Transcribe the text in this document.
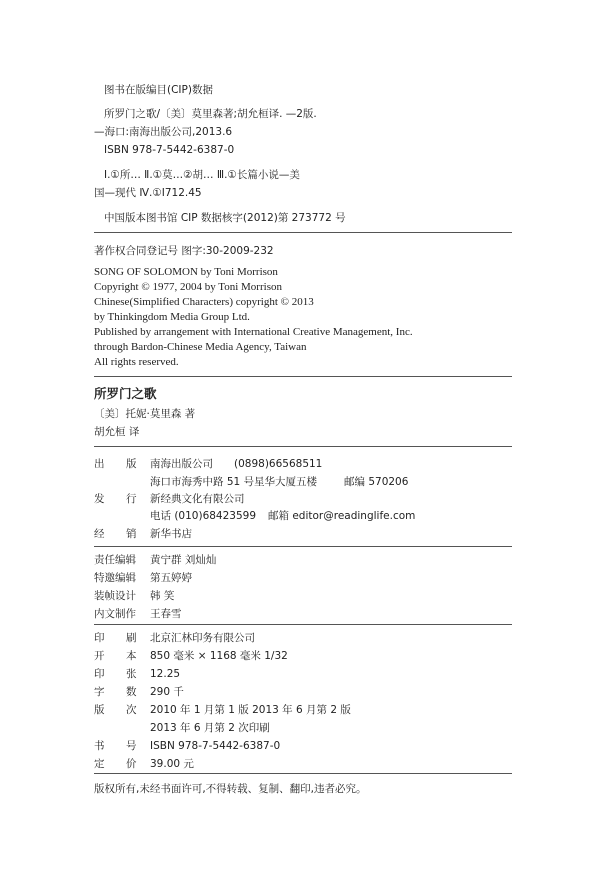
图书在版编目(CIP)数据
所罗门之歌/〔美〕莫里森著;胡允桓译. —2版.
—海口:南海出版公司,2013.6
ISBN 978-7-5442-6387-0
Ⅰ.①所… Ⅱ.①莫…②胡… Ⅲ.①长篇小说—美
国—现代 Ⅳ.①I712.45
中国版本图书馆 CIP 数据核字(2012)第 273772 号
著作权合同登记号 图字:30-2009-232
SONG OF SOLOMON by Toni Morrison
Copyright © 1977, 2004 by Toni Morrison
Chinese(Simplified Characters) copyright © 2013
by Thinkingdom Media Group Ltd.
Published by arrangement with International Creative Management, Inc.
through Bardon-Chinese Media Agency, Taiwan
All rights reserved.
所罗门之歌
〔美〕托妮·莫里森 著
胡允桓 译
出 版 南海出版公司 (0898)66568511
海口市海秀中路 51 号星华大厦五楼	邮编 570206
发 行 新经典文化有限公司
电话 (010)68423599 邮箱 editor@readinglife.com
经 销 新华书店
责任编辑 黄宁群 刘灿灿
特邀编辑 第五婷婷
装帧设计 韩 笑
内文制作 王春雪
印 刷 北京汇林印务有限公司
开 本 850 毫米 × 1168 毫米 1/32
印 张 12.25
字 数 290 千
版 次 2010 年 1 月第 1 版 2013 年 6 月第 2 版
2013 年 6 月第 2 次印刷
书 号 ISBN 978-7-5442-6387-0
定 价 39.00 元
版权所有,未经书面许可,不得转载、复制、翻印,违者必究。
